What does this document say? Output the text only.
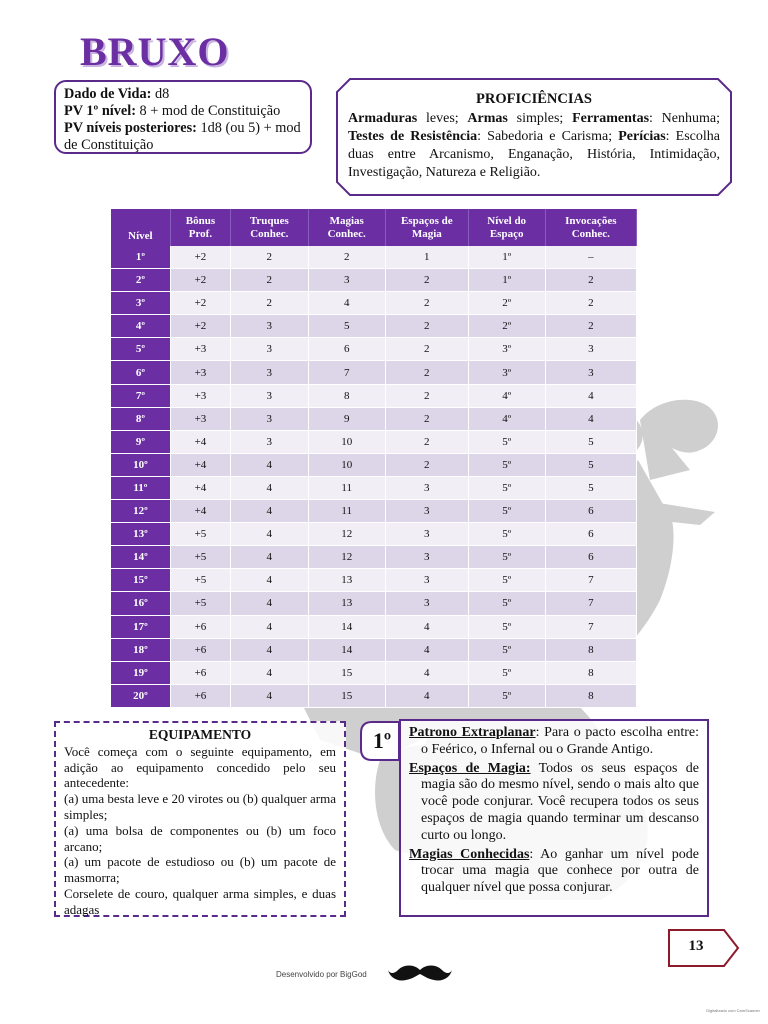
BRUXO
Dado de Vida: d8
PV 1º nível: 8 + mod de Constituição
PV níveis posteriores: 1d8 (ou 5) + mod de Constituição
PROFICIÊNCIAS
Armaduras leves; Armas simples; Ferramentas: Nenhuma; Testes de Resistência: Sabedoria e Carisma; Perícias: Escolha duas entre Arcanismo, Enganação, História, Intimidação, Investigação, Natureza e Religião.
Nível	Bônus Prof.	Truques Conhec.	Magias Conhec.	Espaços de Magia	Nível do Espaço	Invocações Conhec.
1º	+2	2	2	1	1º	–
2º	+2	2	3	2	1º	2
3º	+2	2	4	2	2º	2
4º	+2	3	5	2	2º	2
5º	+3	3	6	2	3º	3
6º	+3	3	7	2	3º	3
7º	+3	3	8	2	4º	4
8º	+3	3	9	2	4º	4
9º	+4	3	10	2	5º	5
10º	+4	4	10	2	5º	5
11º	+4	4	11	3	5º	5
12º	+4	4	11	3	5º	6
13º	+5	4	12	3	5º	6
14º	+5	4	12	3	5º	6
15º	+5	4	13	3	5º	7
16º	+5	4	13	3	5º	7
17º	+6	4	14	4	5º	7
18º	+6	4	14	4	5º	8
19º	+6	4	15	4	5º	8
20º	+6	4	15	4	5º	8
EQUIPAMENTO

Você começa com o seguinte equipamento, em adição ao equipamento concedido pelo seu antecedente:

(a) uma besta leve e 20 virotes ou (b) qualquer arma simples;

(a) uma bolsa de componentes ou (b) um foco arcano;

(a) um pacote de estudioso ou (b) um pacote de masmorra;

Corselete de couro, qualquer arma simples, e duas adagas

1º	Patrono Extraplanar: Para o pacto escolha entre: o Feérico, o Infernal ou o Grande Antigo.

Espaços de Magia: Todos os seus espaços de magia são do mesmo nível, sendo o mais alto que você pode conjurar. Você recupera todos os seus espaços de magia quando terminar um descanso curto ou longo.

Magias Conhecidas: Ao ganhar um nível pode trocar uma magia que conhece por outra de qualquer nível que possa conjurar.

13
Desenvolvido por BigGod
Digitalizado com CamScanner
